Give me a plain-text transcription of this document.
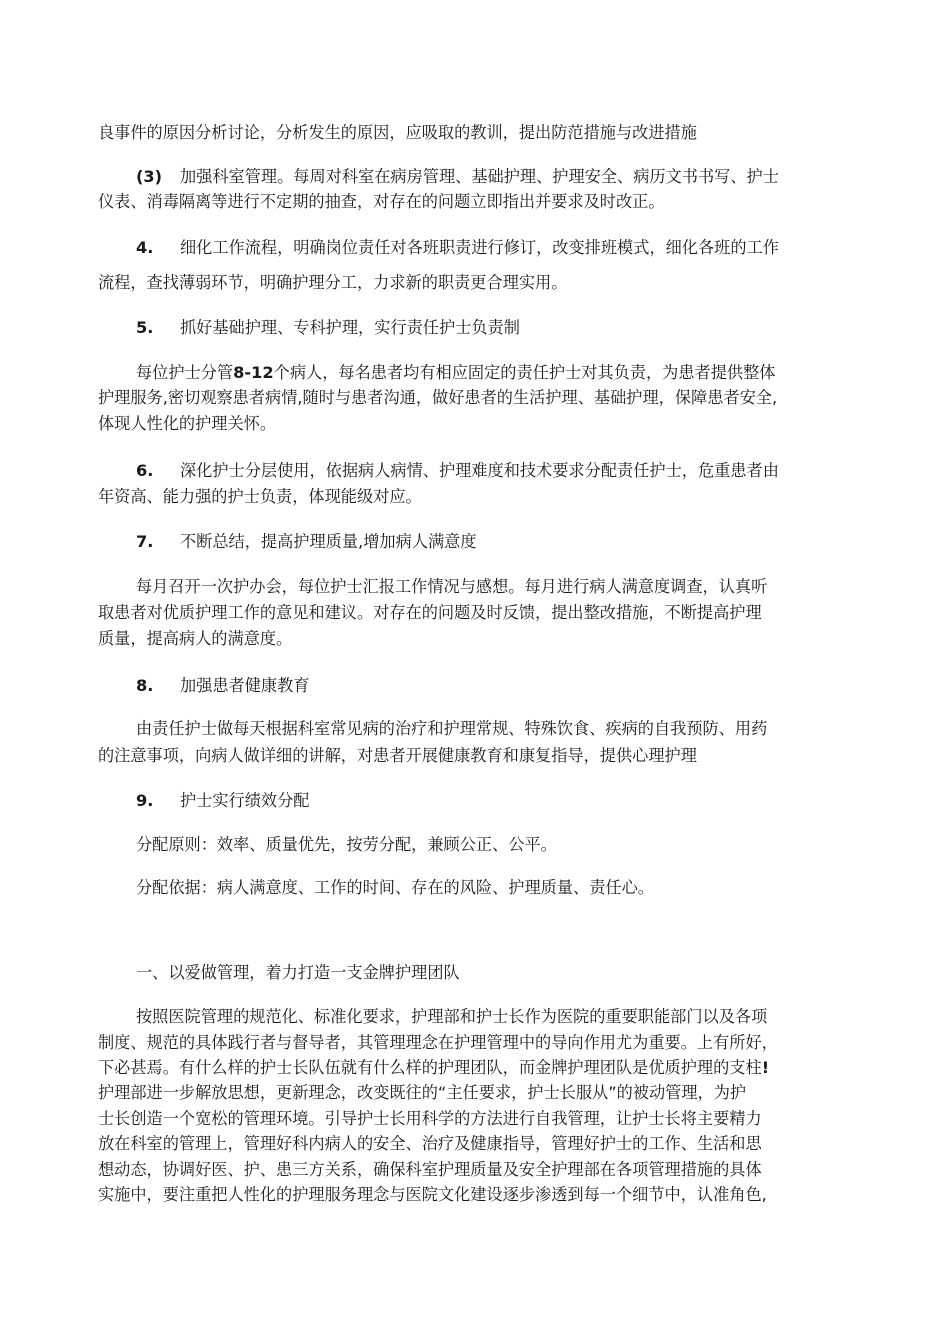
良事件的原因分析讨论，分析发生的原因，应吸取的教训，提出防范措施与改进措施
(3) 加强科室管理。每周对科室在病房管理、基础护理、护理安全、病历文书书写、护士
仪表、消毒隔离等进行不定期的抽查，对存在的问题立即指出并要求及时改正。
4. 细化工作流程，明确岗位责任对各班职责进行修订，改变排班模式，细化各班的工作
流程，查找薄弱环节，明确护理分工，力求新的职责更合理实用。
5. 抓好基础护理、专科护理，实行责任护士负责制
每位护士分管8-12个病人，每名患者均有相应固定的责任护士对其负责，为患者提供整体
护理服务,密切观察患者病情,随时与患者沟通，做好患者的生活护理、基础护理，保障患者安全,
体现人性化的护理关怀。
6. 深化护士分层使用，依据病人病情、护理难度和技术要求分配责任护士，危重患者由
年资高、能力强的护士负责，体现能级对应。
7. 不断总结，提高护理质量,增加病人满意度
每月召开一次护办会，每位护士汇报工作情况与感想。每月进行病人满意度调查，认真听
取患者对优质护理工作的意见和建议。对存在的问题及时反馈，提出整改措施，不断提高护理
质量，提高病人的满意度。
8. 加强患者健康教育
由责任护士做每天根据科室常见病的治疗和护理常规、特殊饮食、疾病的自我预防、用药
的注意事项，向病人做详细的讲解，对患者开展健康教育和康复指导，提供心理护理
9. 护士实行绩效分配
分配原则：效率、质量优先，按劳分配，兼顾公正、公平。
分配依据：病人满意度、工作的时间、存在的风险、护理质量、责任心。
一、以爱做管理，着力打造一支金牌护理团队
按照医院管理的规范化、标准化要求，护理部和护士长作为医院的重要职能部门以及各项
制度、规范的具体践行者与督导者，其管理理念在护理管理中的导向作用尤为重要。上有所好，
下必甚焉。有什么样的护士长队伍就有什么样的护理团队，而金牌护理团队是优质护理的支柱!
护理部进一步解放思想，更新理念，改变既往的“主任要求，护士长服从”的被动管理，为护
士长创造一个宽松的管理环境。引导护士长用科学的方法进行自我管理，让护士长将主要精力
放在科室的管理上，管理好科内病人的安全、治疗及健康指导，管理好护士的工作、生活和思
想动态，协调好医、护、患三方关系，确保科室护理质量及安全护理部在各项管理措施的具体
实施中，要注重把人性化的护理服务理念与医院文化建设逐步渗透到每一个细节中，认准角色,
